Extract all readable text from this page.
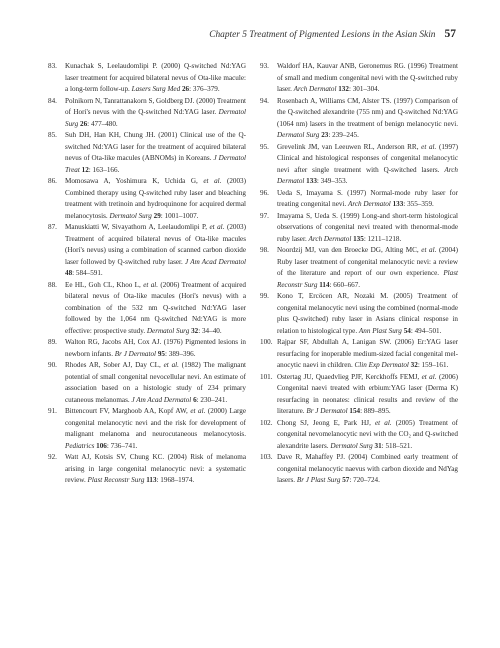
Chapter 5 Treatment of Pigmented Lesions in the Asian Skin 57
83.	Kunachak S, Leelaudomlipi P. (2000) Q-switched Nd:YAG laser treatment for acquired bilateral nevus of Ota-like macule: a long-term follow-up. Lasers Surg Med 26: 376–379.
84.	Polnikorn N, Tanrattanakorn S, Goldberg DJ. (2000) Treatment of Hori's nevus with the Q-switched Nd:YAG laser. Dermatol Surg 26: 477–480.
85.	Suh DH, Han KH, Chung JH. (2001) Clinical use of the Q-switched Nd:YAG laser for the treatment of acquired bilateral nevus of Ota-like macules (ABNOMs) in Koreans. J Dermatol Treat 12: 163–166.
86.	Momosawa A, Yoshimura K, Uchida G, et al. (2003) Combined therapy using Q-switched ruby laser and bleaching treatment with tretinoin and hydroquinone for acquired dermal melanocytosis. Dermatol Surg 29: 1001–1007.
87.	Manuskiatti W, Sivayathorn A, Leelaudomlipi P, et al. (2003) Treatment of acquired bilateral nevus of Ota-like macules (Hori's nevus) using a combination of scanned carbon dioxide laser followed by Q-switched ruby laser. J Am Acad Dermatol 48: 584–591.
88.	Ee HL, Goh CL, Khoo L, et al. (2006) Treatment of acquired bilateral nevus of Ota-like macules (Hori's nevus) with a combination of the 532 nm Q-switched Nd:YAG laser followed by the 1,064 nm Q-switched Nd:YAG is more effective: prospective study. Dermatol Surg 32: 34–40.
89.	Walton RG, Jacobs AH, Cox AJ. (1976) Pigmented lesions in newborn infants. Br J Dermatol 95: 389–396.
90.	Rhodes AR, Sober AJ, Day CL, et al. (1982) The malignant potential of small congenital nevocellular nevi. An estimate of association based on a histologic study of 234 primary cutaneous melanomas. J Am Acad Dermatol 6: 230–241.
91.	Bittencourt FV, Marghoob AA, Kopf AW, et al. (2000) Large congenital melanocytic nevi and the risk for development of malignant melanoma and neurocutaneous melanocytosis. Pediatrics 106: 736–741.
92.	Watt AJ, Kotsis SV, Chung KC. (2004) Risk of melanoma arising in large congenital melanocytic nevi: a systematic review. Plast Reconstr Surg 113: 1968–1974.
93.	Waldorf HA, Kauvar ANB, Geronemus RG. (1996) Treatment of small and medium congenital nevi with the Q-switched ruby laser. Arch Dermatol 132: 301–304.
94.	Rosenbach A, Williams CM, Alster TS. (1997) Comparison of the Q-switched alexandrite (755 nm) and Q-switched Nd:YAG (1064 nm) lasers in the treatment of benign melanocytic nevi. Dermatol Surg 23: 239–245.
95.	Grevelink JM, van Leeuwen RL, Anderson RR, et al. (1997) Clinical and histological responses of congenital melanocytic nevi after single treatment with Q-switched lasers. Arch Dermatol 133: 349–353.
96.	Ueda S, Imayama S. (1997) Normal-mode ruby laser for treating congenital nevi. Arch Dermatol 133: 355–359.
97.	Imayama S, Ueda S. (1999) Long-and short-term histological observations of congenital nevi treated with thenormal-mode ruby laser. Arch Dermatol 135: 1211–1218.
98.	Noordzij MJ, van den Broecke DG, Alting MC, et al. (2004) Ruby laser treatment of congenital melanocytic nevi: a review of the literature and report of our own experience. Plast Reconstr Surg 114: 660–667.
99.	Kono T, Ercöcen AR, Nozaki M. (2005) Treatment of congenital melanocytic nevi using the combined (normal-mode plus Q-switched) ruby laser in Asians clinical response in relation to histological type. Ann Plast Surg 54: 494–501.
100. Rajpar SF, Abdullah A, Lanigan SW. (2006) Er:YAG laser resurfacing for inoperable medium-sized facial congenital mel-anocytic naevi in children. Clin Exp Dermatol 32: 159–161.
101. Ostertag JU, Quaedvlieg PJF, Kerckhoffs FEMJ, et al. (2006) Congenital naevi treated with erbium:YAG laser (Derma K) resurfacing in neonates: clinical results and review of the literature. Br J Dermatol 154: 889–895.
102. Chong SJ, Jeong E, Park HJ, et al. (2005) Treatment of congenital nevomelanocytic nevi with the CO₂ and Q-switched alexandrite lasers. Dermatol Surg 31: 518–521.
103. Dave R, Mahaffey PJ. (2004) Combined early treatment of congenital melanocytic naevus with carbon dioxide and NdYag lasers. Br J Plast Surg 57: 720–724.
